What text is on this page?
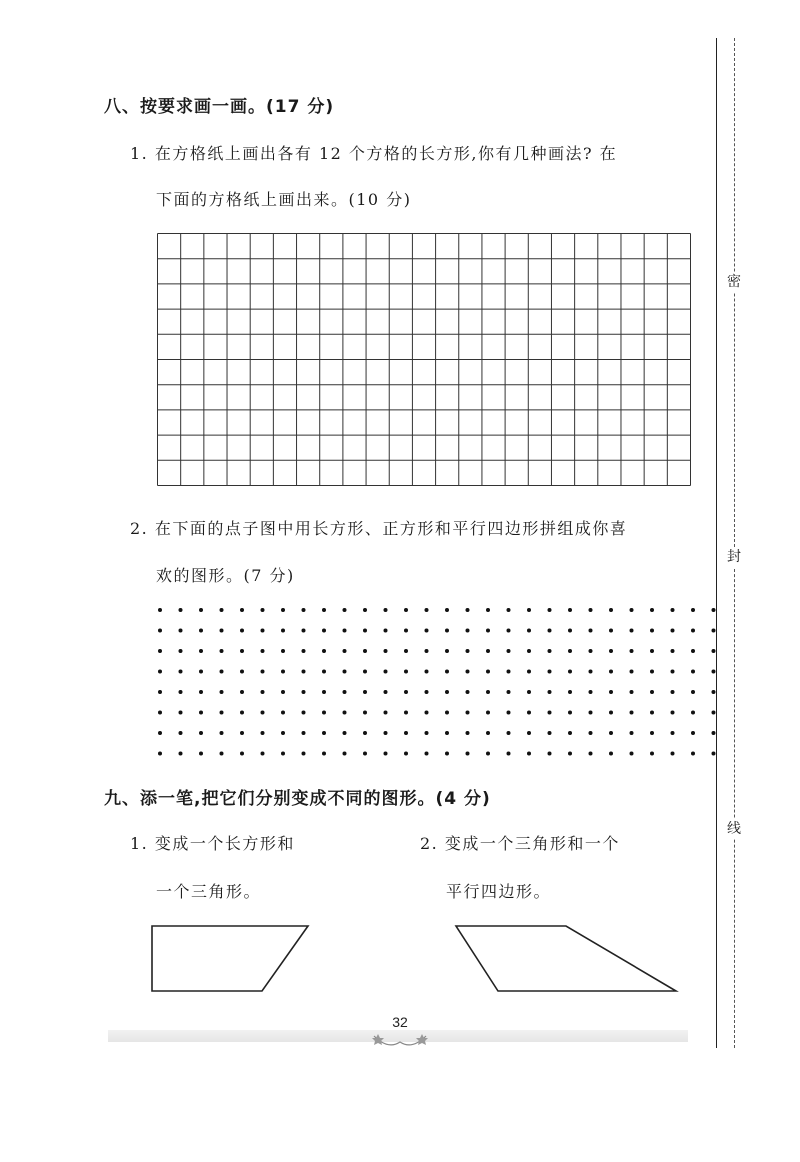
八、按要求画一画。(17 分)
1. 在方格纸上画出各有 12 个方格的长方形,你有几种画法? 在
下面的方格纸上画出来。(10 分)
2. 在下面的点子图中用长方形、正方形和平行四边形拼组成你喜
欢的图形。(7 分)
九、添一笔,把它们分别变成不同的图形。(4 分)
1. 变成一个长方形和
一个三角形。
2. 变成一个三角形和一个
平行四边形。
密
封
线
32
